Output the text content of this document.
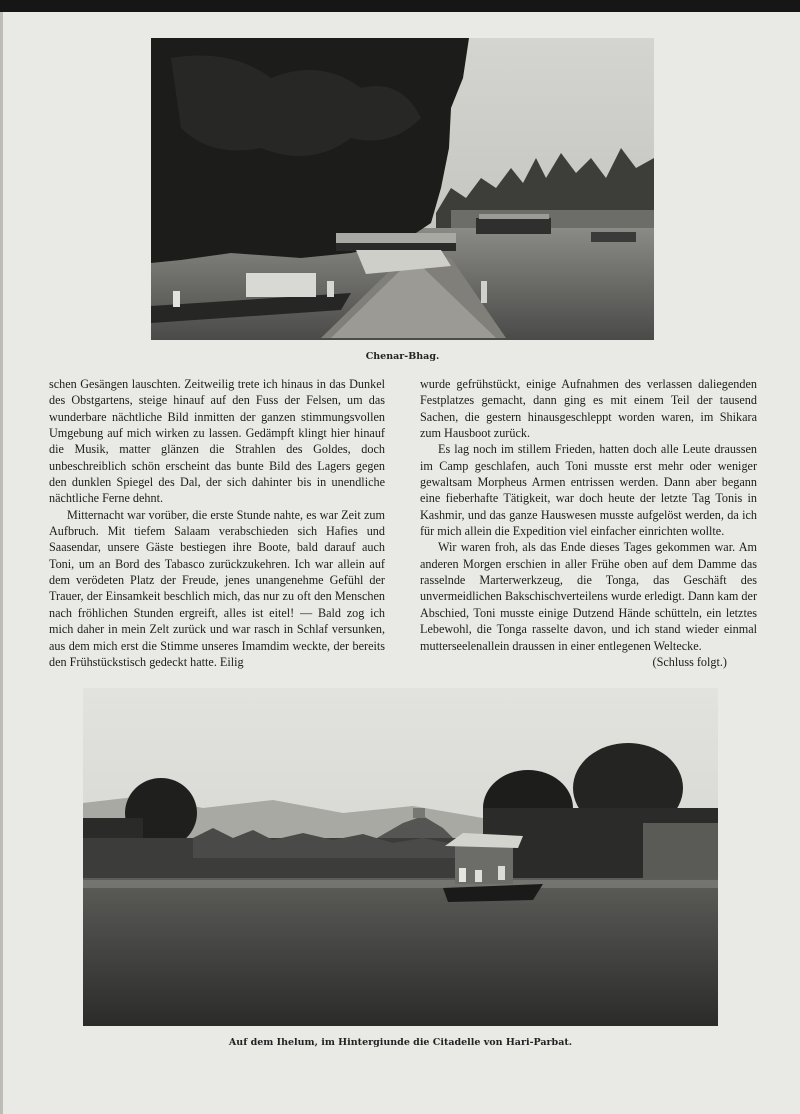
Chenar-Bhag.

schen Gesängen lauschten. Zeitweilig trete ich hinaus in das Dunkel des Obstgartens, steige hinauf auf den Fuss der Felsen, um das wunderbare nächtliche Bild inmitten der ganzen stimmungsvollen Umgebung auf mich wirken zu lassen. Gedämpft klingt hier hinauf die Musik, matter glänzen die Strahlen des Goldes, doch unbeschreiblich schön erscheint das bunte Bild des Lagers gegen den dunklen Spiegel des Dal, der sich dahinter bis in unendliche nächtliche Ferne dehnt.

Mitternacht war vorüber, die erste Stunde nahte, es war Zeit zum Aufbruch. Mit tiefem Salaam verabschieden sich Hafies und Saasendar, unsere Gäste bestiegen ihre Boote, bald darauf auch Toni, um an Bord des Tabasco zurückzukehren. Ich war allein auf dem verödeten Platz der Freude, jenes unangenehme Gefühl der Trauer, der Einsamkeit beschlich mich, das nur zu oft den Menschen nach fröhlichen Stunden ergreift, alles ist eitel! — Bald zog ich mich daher in mein Zelt zurück und war rasch in Schlaf versunken, aus dem mich erst die Stimme unseres Imamdim weckte, der bereits den Frühstückstisch gedeckt hatte. Eilig

wurde gefrühstückt, einige Aufnahmen des verlassen daliegenden Festplatzes gemacht, dann ging es mit einem Teil der tausend Sachen, die gestern hinausgeschleppt worden waren, im Shikara zum Hausboot zurück.

Es lag noch im stillem Frieden, hatten doch alle Leute draussen im Camp geschlafen, auch Toni musste erst mehr oder weniger gewaltsam Morpheus Armen entrissen werden. Dann aber begann eine fieberhafte Tätigkeit, war doch heute der letzte Tag Tonis in Kashmir, und das ganze Hauswesen musste aufgelöst werden, da ich für mich allein die Expedition viel einfacher einrichten wollte.

Wir waren froh, als das Ende dieses Tages gekommen war. Am anderen Morgen erschien in aller Frühe oben auf dem Damme das rasselnde Marterwerkzeug, die Tonga, das Geschäft des unvermeidlichen Bakschischverteilens wurde erledigt. Dann kam der Abschied, Toni musste einige Dutzend Hände schütteln, ein letztes Lebewohl, die Tonga rasselte davon, und ich stand wieder einmal mutterseelenallein draussen in einer entlegenen Weltecke.

(Schluss folgt.)

Auf dem Ihelum, im Hintergiunde die Citadelle von Hari-Parbat.
